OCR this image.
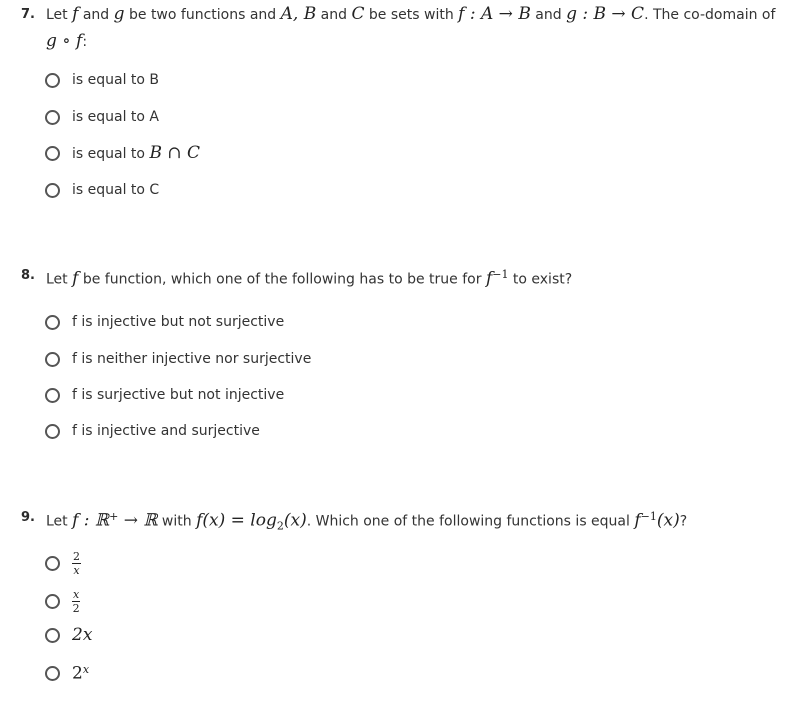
7. Let f and g be two functions and A, B and C be sets with f : A → B and g : B → C. The co-domain of
g ∘ f:
is equal to B
is equal to A
is equal to B ∩ C
is equal to C
8. Let f be function, which one of the following has to be true for $f^{-1}$ to exist?
f is injective but not surjective
f is neither injective nor surjective
f is surjective but not injective
f is injective and surjective
9. Let f : ℝ+ → ℝ with $f(x) = \log_2(x)$. Which one of the following functions is equal $f^{-1}(x)$?
$\frac{2}{x}$
$\frac{x}{2}$
2x
2$^x$
